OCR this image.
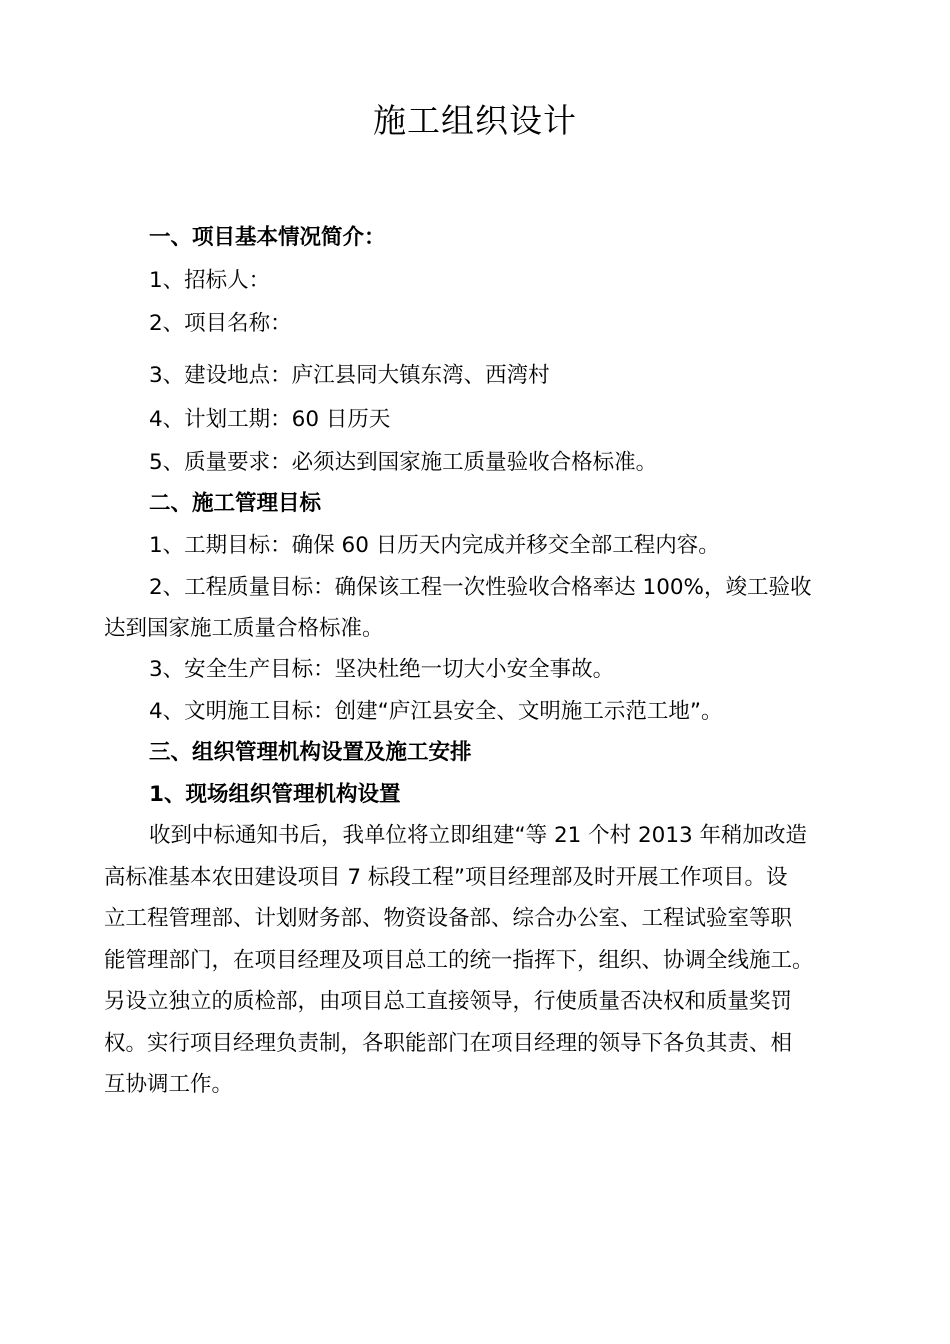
施工组织设计
一、项目基本情况简介：
1、招标人：
2、项目名称：
3、建设地点：庐江县同大镇东湾、西湾村
4、计划工期：60 日历天
5、质量要求：必须达到国家施工质量验收合格标准。
二、施工管理目标
1、工期目标：确保 60 日历天内完成并移交全部工程内容。
2、工程质量目标：确保该工程一次性验收合格率达 100%，竣工验收
达到国家施工质量合格标准。
3、安全生产目标：坚决杜绝一切大小安全事故。
4、文明施工目标：创建“庐江县安全、文明施工示范工地”。
三、组织管理机构设置及施工安排
1、现场组织管理机构设置
收到中标通知书后，我单位将立即组建“等 21 个村 2013 年稍加改造
高标准基本农田建设项目 7 标段工程”项目经理部及时开展工作项目。设
立工程管理部、计划财务部、物资设备部、综合办公室、工程试验室等职
能管理部门，在项目经理及项目总工的统一指挥下，组织、协调全线施工。
另设立独立的质检部，由项目总工直接领导，行使质量否决权和质量奖罚
权。实行项目经理负责制，各职能部门在项目经理的领导下各负其责、相
互协调工作。
